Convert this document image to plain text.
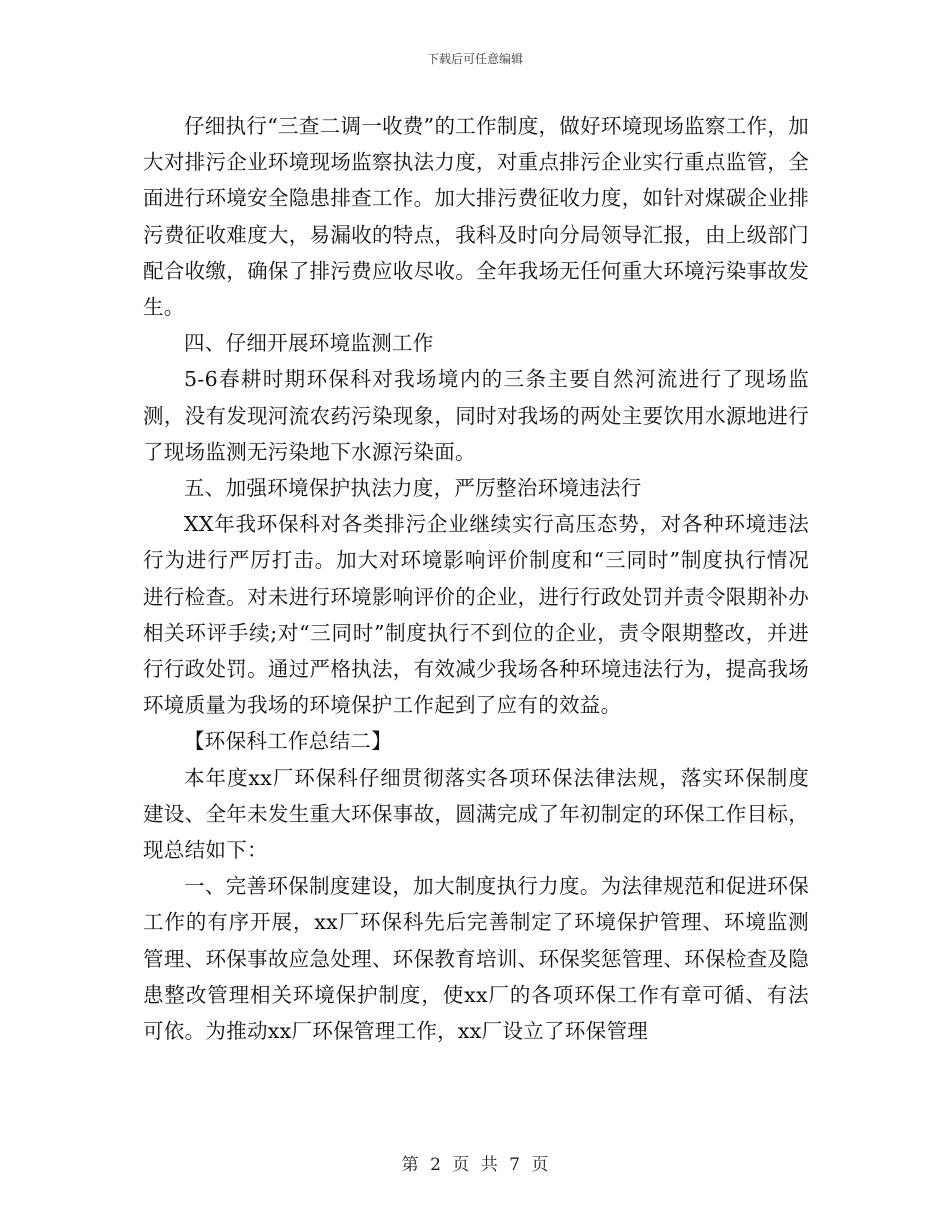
下载后可任意编辑

仔细执行“三查二调一收费”的工作制度，做好环境现场监察工作，加大对排污企业环境现场监察执法力度，对重点排污企业实行重点监管，全面进行环境安全隐患排查工作。加大排污费征收力度，如针对煤碳企业排污费征收难度大，易漏收的特点，我科及时向分局领导汇报，由上级部门配合收缴，确保了排污费应收尽收。全年我场无任何重大环境污染事故发生。

四、仔细开展环境监测工作

5-6春耕时期环保科对我场境内的三条主要自然河流进行了现场监测，没有发现河流农药污染现象，同时对我场的两处主要饮用水源地进行了现场监测无污染地下水源污染面。

五、加强环境保护执法力度，严厉整治环境违法行

XX年我环保科对各类排污企业继续实行高压态势，对各种环境违法行为进行严厉打击。加大对环境影响评价制度和“三同时”制度执行情况进行检查。对未进行环境影响评价的企业，进行行政处罚并责令限期补办相关环评手续;对“三同时”制度执行不到位的企业，责令限期整改，并进行行政处罚。通过严格执法，有效减少我场各种环境违法行为，提高我场环境质量为我场的环境保护工作起到了应有的效益。

【环保科工作总结二】

本年度xx厂环保科仔细贯彻落实各项环保法律法规，落实环保制度建设、全年未发生重大环保事故，圆满完成了年初制定的环保工作目标，现总结如下：

一、完善环保制度建设，加大制度执行力度。为法律规范和促进环保工作的有序开展，xx厂环保科先后完善制定了环境保护管理、环境监测管理、环保事故应急处理、环保教育培训、环保奖惩管理、环保检查及隐患整改管理相关环境保护制度，使xx厂的各项环保工作有章可循、有法可依。为推动xx厂环保管理工作，xx厂设立了环保管理

第 2 页 共 7 页
